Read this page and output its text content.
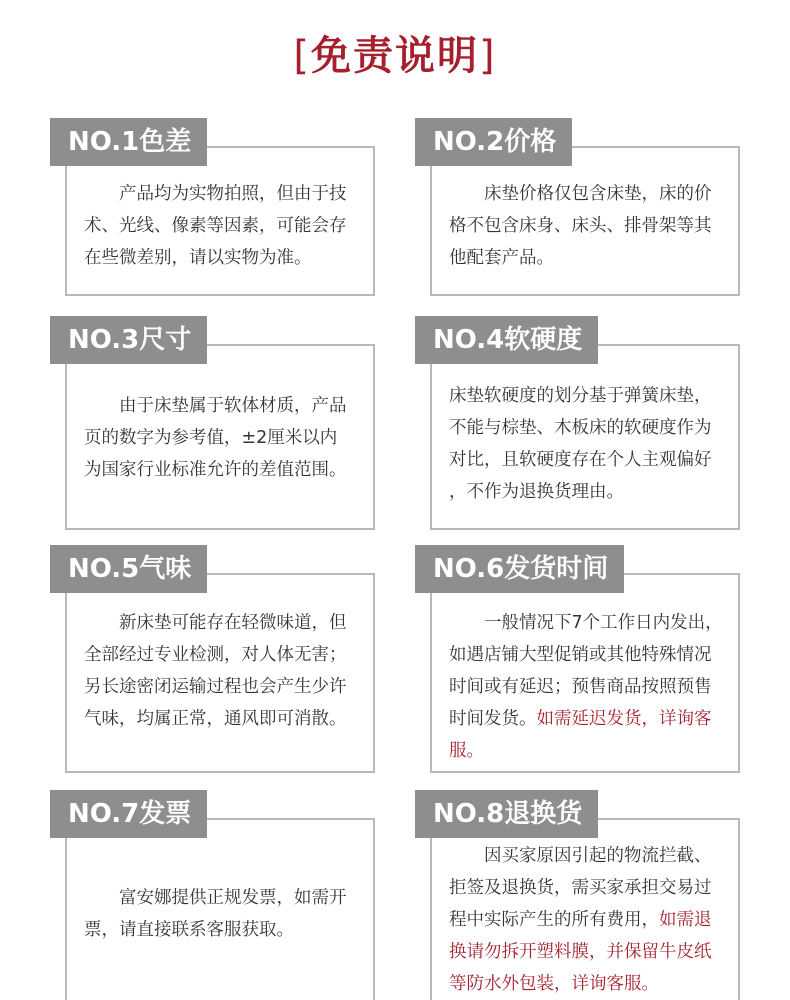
[免责说明]
　　产品均为实物拍照，但由于技
术、光线、像素等因素，可能会存
在些微差别，请以实物为准。
NO.1色差
　　床垫价格仅包含床垫，床的价
格不包含床身、床头、排骨架等其
他配套产品。
NO.2价格
　　由于床垫属于软体材质，产品
页的数字为参考值，±2厘米以内
为国家行业标准允许的差值范围。
NO.3尺寸
床垫软硬度的划分基于弹簧床垫，
不能与棕垫、木板床的软硬度作为
对比，且软硬度存在个人主观偏好
，不作为退换货理由。
NO.4软硬度
　　新床垫可能存在轻微味道，但
全部经过专业检测，对人体无害；
另长途密闭运输过程也会产生少许
气味，均属正常，通风即可消散。
NO.5气味
　　一般情况下7个工作日内发出，
如遇店铺大型促销或其他特殊情况
时间或有延迟；预售商品按照预售
时间发货。如需延迟发货，详询客
服。
NO.6发货时间
　　富安娜提供正规发票，如需开
票，请直接联系客服获取。
NO.7发票
　　因买家原因引起的物流拦截、
拒签及退换货，需买家承担交易过
程中实际产生的所有费用，如需退
换请勿拆开塑料膜，并保留牛皮纸
等防水外包装，详询客服。
NO.8退换货
